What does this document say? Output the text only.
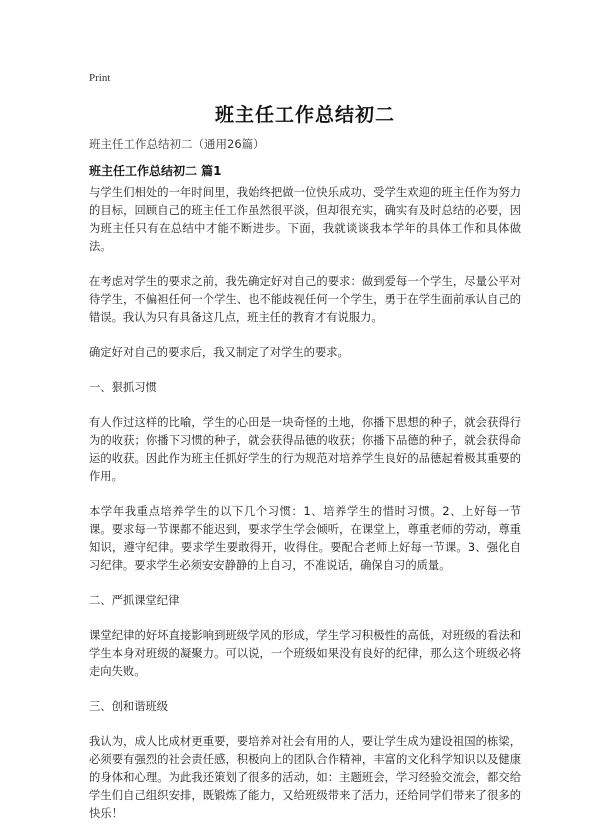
Print
班主任工作总结初二
班主任工作总结初二（通用26篇）
班主任工作总结初二 篇1

与学生们相处的一年时间里，我始终把做一位快乐成功、受学生欢迎的班主任作为努力的目标，回顾自己的班主任工作虽然很平淡，但却很充实，确实有及时总结的必要，因为班主任只有在总结中才能不断进步。下面，我就谈谈我本学年的具体工作和具体做法。

在考虑对学生的要求之前，我先确定好对自己的要求：做到爱每一个学生，尽量公平对待学生，不偏袒任何一个学生、也不能歧视任何一个学生，勇于在学生面前承认自己的错误。我认为只有具备这几点，班主任的教育才有说服力。

确定好对自己的要求后，我又制定了对学生的要求。

一、狠抓习惯

有人作过这样的比喻，学生的心田是一块奇怪的土地，你播下思想的种子，就会获得行为的收获；你播下习惯的种子，就会获得品德的收获；你播下品德的种子，就会获得命运的收获。因此作为班主任抓好学生的行为规范对培养学生良好的品德起着极其重要的作用。

本学年我重点培养学生的以下几个习惯：1、培养学生的惜时习惯。2、上好每一节课。要求每一节课都不能迟到，要求学生学会倾听，在课堂上，尊重老师的劳动，尊重知识，遵守纪律。要求学生要敢得开，收得住。要配合老师上好每一节课。3、强化自习纪律。要求学生必须安安静静的上自习，不准说话，确保自习的质量。

二、严抓课堂纪律

课堂纪律的好坏直接影响到班级学风的形成，学生学习积极性的高低，对班级的看法和学生本身对班级的凝聚力。可以说，一个班级如果没有良好的纪律，那么这个班级必将走向失败。

三、创和谐班级

我认为，成人比成材更重要，要培养对社会有用的人，要让学生成为建设祖国的栋梁，必须要有强烈的社会责任感，积极向上的团队合作精神，丰富的文化科学知识以及健康的身体和心理。为此我还策划了很多的活动，如：主题班会，学习经验交流会，都交给学生们自己组织安排，既锻炼了能力，又给班级带来了活力，还给同学们带来了很多的快乐！
